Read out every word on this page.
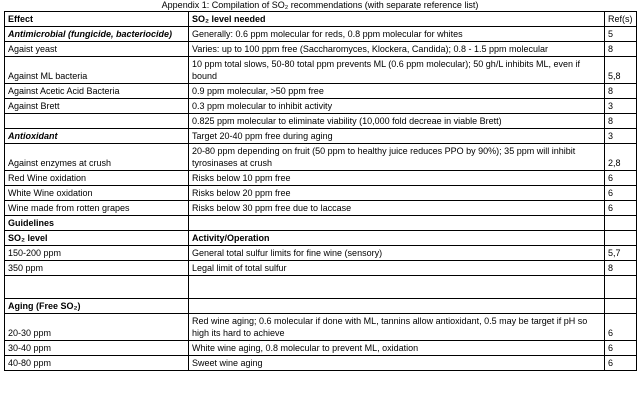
Appendix 1: Compilation of SO₂ recommendations (with separate reference list)
Effect	SO₂ level needed	Ref(s)
Antimicrobial (fungicide, bacteriocide)	Generally: 0.6 ppm molecular for reds, 0.8 ppm molecular for whites	5
Agaist yeast	Varies: up to 100 ppm free (Saccharomyces, Klockera, Candida); 0.8 - 1.5 ppm molecular	8
Against ML bacteria	10 ppm total slows, 50-80 total ppm prevents ML (0.6 ppm molecular); 50 gh/L inhibits ML, even if bound	5,8
Against Acetic Acid Bacteria	0.9 ppm molecular, >50 ppm free	8
Against Brett	0.3 ppm molecular to inhibit activity	3
	0.825 ppm molecular to eliminate viability (10,000 fold decreae in viable Brett)	8
Antioxidant	Target 20-40 ppm free during aging	3
Against enzymes at crush	20-80 ppm depending on fruit (50 ppm to healthy juice reduces PPO by 90%); 35 ppm will inhibit tyrosinases at crush	2,8
Red Wine oxidation	Risks below 10 ppm free	6
White Wine oxidation	Risks below 20 ppm free	6
Wine made from rotten grapes	Risks below 30 ppm free due to laccase	6
Guidelines		
SO₂ level	Activity/Operation	
150-200 ppm	General total sulfur limits for fine wine (sensory)	5,7
350 ppm	Legal limit of total sulfur	8

Aging (Free SO₂)		
20-30 ppm	Red wine aging; 0.6 molecular if done with ML, tannins allow antioxidant, 0.5 may be target if pH so high its hard to achieve	6
30-40 ppm	White wine aging, 0.8 molecular to prevent ML, oxidation	6
40-80 ppm	Sweet wine aging	6
